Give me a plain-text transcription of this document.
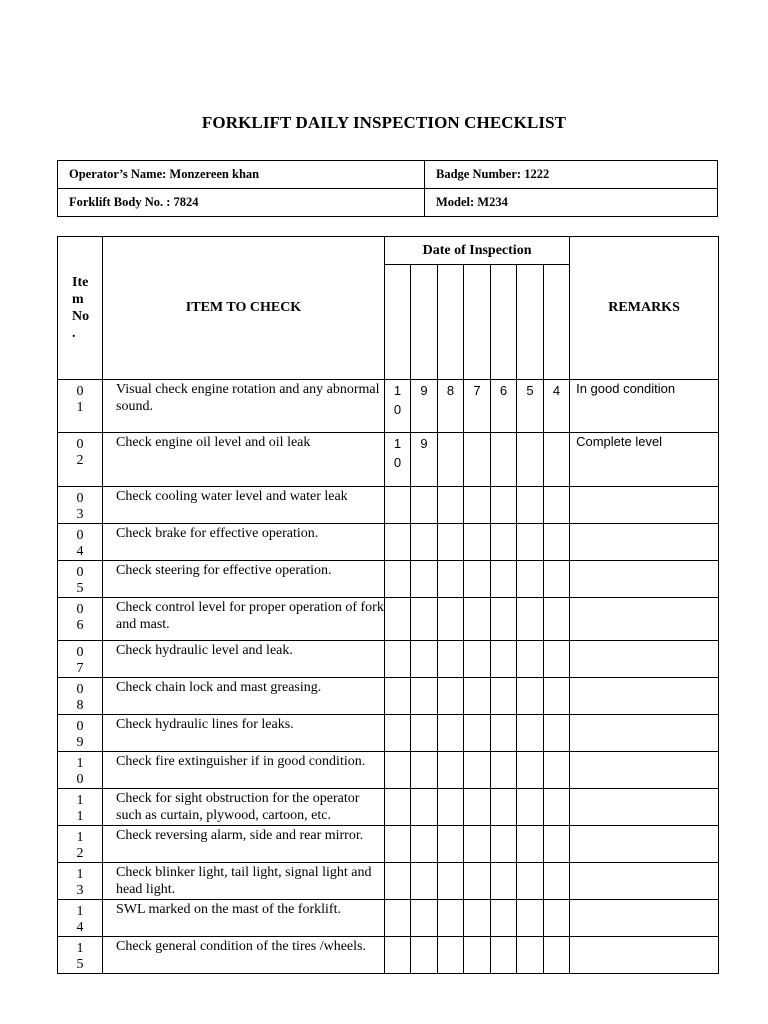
FORKLIFT DAILY INSPECTION CHECKLIST
Operator’s Name: Monzereen khan	Badge Number: 1222
Forklift Body No. : 7824	Model: M234
Ite m No.	ITEM TO CHECK	Date of Inspection							REMARKS

01	Visual check engine rotation and any abnormal sound.	10	9	8	7	6	5	4	In good condition

02	Check engine oil level and oil leak	10	9						Complete level

03	Check cooling water level and water leak	

04	Check brake for effective operation.	

05	Check steering for effective operation.	

06	Check control level for proper operation of fork and mast.	

07	Check hydraulic level and leak.	

08	Check chain lock and mast greasing.	

09	Check hydraulic lines for leaks.	

10	Check fire extinguisher if in good condition.	

11	Check for sight obstruction for the operator such as curtain, plywood, cartoon, etc.	

12	Check reversing alarm, side and rear mirror.	

13	Check blinker light, tail light, signal light and head light.	

14	SWL marked on the mast of the forklift.	

15	Check general condition of the tires /wheels.	
